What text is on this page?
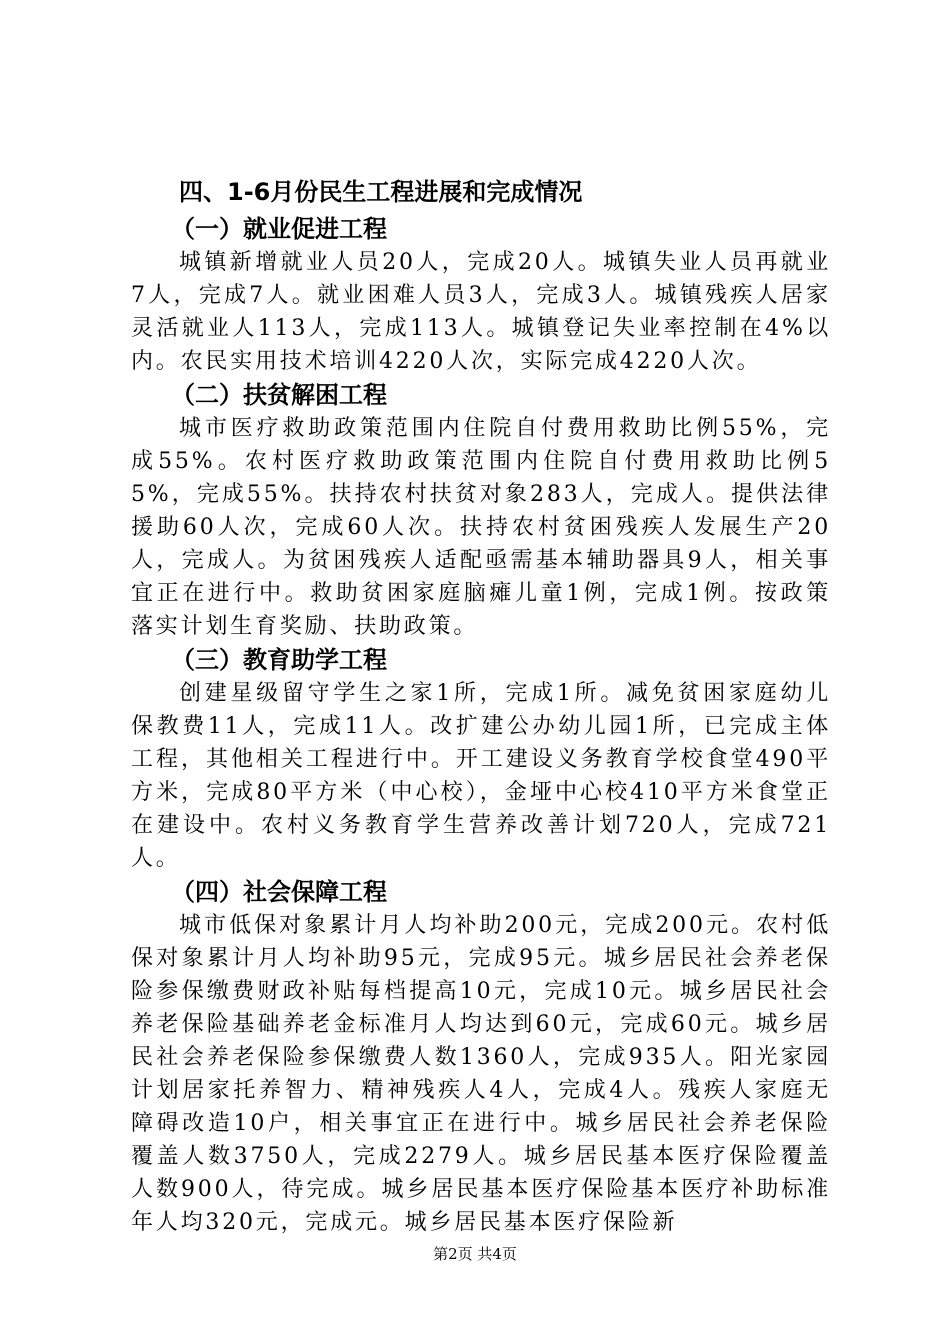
四、1-6月份民生工程进展和完成情况
（一）就业促进工程

城镇新增就业人员20人，完成20人。城镇失业人员再就业7人，完成7人。就业困难人员3人，完成3人。城镇残疾人居家灵活就业人113人，完成113人。城镇登记失业率控制在4%以内。农民实用技术培训4220人次，实际完成4220人次。

（二）扶贫解困工程

城市医疗救助政策范围内住院自付费用救助比例55%，完成55%。农村医疗救助政策范围内住院自付费用救助比例55%，完成55%。扶持农村扶贫对象283人，完成人。提供法律援助60人次，完成60人次。扶持农村贫困残疾人发展生产20人，完成人。为贫困残疾人适配亟需基本辅助器具9人，相关事宜正在进行中。救助贫困家庭脑瘫儿童1例，完成1例。按政策落实计划生育奖励、扶助政策。

（三）教育助学工程

创建星级留守学生之家1所，完成1所。减免贫困家庭幼儿保教费11人，完成11人。改扩建公办幼儿园1所，已完成主体工程，其他相关工程进行中。开工建设义务教育学校食堂490平方米，完成80平方米（中心校），金垭中心校410平方米食堂正在建设中。农村义务教育学生营养改善计划720人，完成721人。

（四）社会保障工程

城市低保对象累计月人均补助200元，完成200元。农村低保对象累计月人均补助95元，完成95元。城乡居民社会养老保险参保缴费财政补贴每档提高10元，完成10元。城乡居民社会养老保险基础养老金标准月人均达到60元，完成60元。城乡居民社会养老保险参保缴费人数1360人，完成935人。阳光家园计划居家托养智力、精神残疾人4人，完成4人。残疾人家庭无障碍改造10户，相关事宜正在进行中。城乡居民社会养老保险覆盖人数3750人，完成2279人。城乡居民基本医疗保险覆盖人数900人，待完成。城乡居民基本医疗保险基本医疗补助标准年人均320元，完成元。城乡居民基本医疗保险新

第2页 共4页
